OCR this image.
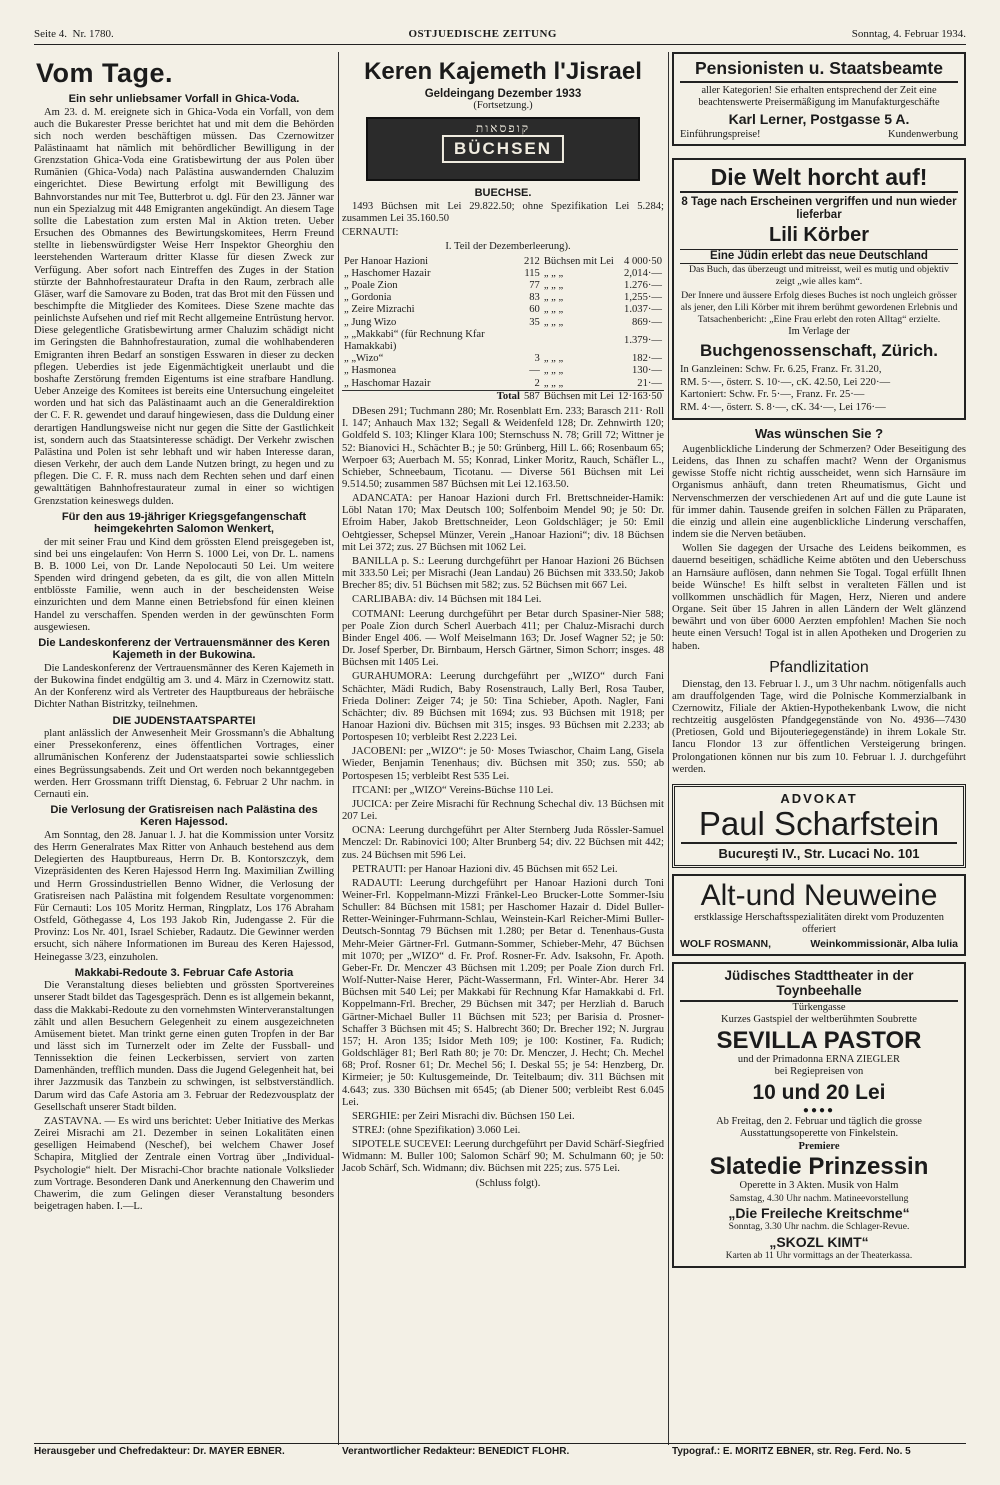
Seite 4. Nr. 1780.	OSTJUEDISCHE ZEITUNG	Sonntag, 4. Februar 1934.
Vom Tage.
Ein sehr unliebsamer Vorfall in Ghica-Voda.

Am 23. d. M. ereignete sich in Ghica-Voda ein Vorfall, von dem auch die Bukarester Presse berichtet hat und mit dem die Behörden sich noch werden beschäftigen müssen. Das Czernowitzer Palästinaamt hat nämlich mit behördlicher Bewilligung in der Grenzstation Ghica-Voda eine Gratisbewirtung der aus Polen über Rumänien (Ghica-Voda) nach Palästina auswandernden Chaluzim eingerichtet. Diese Bewirtung erfolgt mit Bewilligung des Bahnvorstandes nur mit Tee, Butterbrot u. dgl. Für den 23. Jänner war nun ein Spezialzug mit 448 Emigranten angekündigt. An diesem Tage sollte die Labestation zum ersten Mal in Aktion treten. Ueber Ersuchen des Obmannes des Bewirtungskomitees, Herrn Freund stellte in liebenswürdigster Weise Herr Inspektor Gheorghiu den leerstehenden Warteraum dritter Klasse für diesen Zweck zur Verfügung. Aber sofort nach Eintreffen des Zuges in der Station stürzte der Bahnhofrestaurateur Drafta in den Raum, zerbrach alle Gläser, warf die Samovare zu Boden, trat das Brot mit den Füssen und beschimpfte die Mitglieder des Komitees. Diese Szene machte das peinlichste Aufsehen und rief mit Recht allgemeine Entrüstung hervor. Diese gelegentliche Gratisbewirtung armer Chaluzim schädigt nicht im Geringsten die Bahnhofrestauration, zumal die wohlhabenderen Emigranten ihren Bedarf an sonstigen Esswaren in dieser zu decken pflegen. Ueberdies ist jede Eigenmächtigkeit unerlaubt und die boshafte Zerstörung fremden Eigentums ist eine strafbare Handlung. Ueber Anzeige des Komitees ist bereits eine Untersuchung eingeleitet worden und hat sich das Palästinaamt auch an die Generaldirektion der C. F. R. gewendet und darauf hingewiesen, dass die Duldung einer derartigen Handlungsweise nicht nur gegen die Sitte der Gastlichkeit ist, sondern auch das Staatsinteresse schädigt. Der Verkehr zwischen Palästina und Polen ist sehr lebhaft und wir haben Interesse daran, diesen Verkehr, der auch dem Lande Nutzen bringt, zu hegen und zu pflegen. Die C. F. R. muss nach dem Rechten sehen und darf einen gewalttätigen Bahnhofrestaurateur zumal in einer so wichtigen Grenzstation keineswegs dulden.

Für den aus 19-jähriger Kriegsgefangenschaft heimgekehrten Salomon Wenkert,

der mit seiner Frau und Kind dem grössten Elend preisgegeben ist, sind bei uns eingelaufen: Von Herrn S. 1000 Lei, von Dr. L. namens B. B. 1000 Lei, von Dr. Lande Nepolocauti 50 Lei. Um weitere Spenden wird dringend gebeten, da es gilt, die von allen Mitteln entblösste Familie, wenn auch in der bescheidensten Weise einzurichten und dem Manne einen Betriebsfond für einen kleinen Handel zu verschaffen. Spenden werden in der gewünschten Form ausgewiesen.

Die Landeskonferenz der Vertrauensmänner des Keren Kajemeth in der Bukowina.

Die Landeskonferenz der Vertrauensmänner des Keren Kajemeth in der Bukowina findet endgültig am 3. und 4. März in Czernowitz statt. An der Konferenz wird als Vertreter des Hauptbureaus der hebräische Dichter Nathan Bistritzky, teilnehmen.

DIE JUDENSTAATSPARTEI

plant anlässlich der Anwesenheit Meir Grossmann's die Abhaltung einer Pressekonferenz, eines öffentlichen Vortrages, einer allrumänischen Konferenz der Judenstaatspartei sowie schliesslich eines Begrüssungsabends. Zeit und Ort werden noch bekanntgegeben werden. Herr Grossmann trifft Dienstag, 6. Februar 2 Uhr nachm. in Cernauti ein.

Die Verlosung der Gratisreisen nach Palästina des Keren Hajessod.

Am Sonntag, den 28. Januar l. J. hat die Kommission unter Vorsitz des Herrn Generalrates Max Ritter von Anhauch bestehend aus dem Delegierten des Hauptbureaus, Herrn Dr. B. Kontorszczyk, dem Vizepräsidenten des Keren Hajessod Herrn Ing. Maximilian Zwilling und Herrn Grossindustriellen Benno Widner, die Verlosung der Gratisreisen nach Palästina mit folgendem Resultate vorgenommen: Für Cernauti: Los 105 Moritz Herman, Ringplatz, Los 176 Abraham Ostfeld, Göthegasse 4, Los 193 Jakob Rin, Judengasse 2. Für die Provinz: Los Nr. 401, Israel Schieber, Radautz. Die Gewinner werden ersucht, sich nähere Informationen im Bureau des Keren Hajessod, Heinegasse 3/23, einzuholen.

Makkabi-Redoute 3. Februar Cafe Astoria

Die Veranstaltung dieses beliebten und grössten Sportvereines unserer Stadt bildet das Tagesgespräch. Denn es ist allgemein bekannt, dass die Makkabi-Redoute zu den vornehmsten Winterveranstaltungen zählt und allen Besuchern Gelegenheit zu einem ausgezeichneten Amüsement bietet. Man trinkt gerne einen guten Tropfen in der Bar und lässt sich im Turnerzelt oder im Zelte der Fussball- und Tennissektion die feinen Leckerbissen, serviert von zarten Damenhänden, trefflich munden. Dass die Jugend Gelegenheit hat, bei ihrer Jazzmusik das Tanzbein zu schwingen, ist selbstverständlich. Darum wird das Cafe Astoria am 3. Februar der Redezvousplatz der Gesellschaft unserer Stadt bilden.

ZASTAVNA. — Es wird uns berichtet: Ueber Initiative des Merkas Zeirei Misrachi am 21. Dezember in seinen Lokalitäten einen geselligen Heimabend (Neschef), bei welchem Chawer Josef Schapira, Mitglied der Zentrale einen Vortrag über „Individual-Psychologie“ hielt. Der Misrachi-Chor brachte nationale Volkslieder zum Vortrage. Besonderen Dank und Anerkennung den Chawerim und Chawerim, die zum Gelingen dieser Veranstaltung besonders beigetragen haben. I.—L.

Keren Kajemeth l'Jisrael
Geldeingang Dezember 1933
(Fortsetzung.)
קופסאות
BÜCHSEN
BUECHSE.

1493 Büchsen mit Lei 29.822.50; ohne Spezifikation Lei 5.284; zusammen Lei 35.160.50

CERNAUTI:

I. Teil der Dezemberleerung).

Per Hanoar Hazioni	212	Büchsen mit Lei	4 000·50
„ Haschomer Hazair	115	„ „ „	2,014·—
„ Poale Zion	77	„ „ „	1.276·—
„ Gordonia	83	„ „ „	1,255·—
„ Zeire Mizrachi	60	„ „ „	1.037·—
„ Jung Wizo	35	„ „ „	869·—
„ „Makkabi“ (für Rechnung Kfar Hamakkabi)			1.379·—
„ „Wizo“	3	„ „ „	182·—
„ Hasmonea	—	„ „ „	130·—
„ Haschomar Hazair	2	„ „ „	21·—
Total	587	Büchsen mit Lei	12·163·50

DBesen 291; Tuchmann 280; Mr. Rosenblatt Ern. 233; Barasch 211· Roll I. 147; Anhauch Max 132; Segall & Weidenfeld 128; Dr. Zehnwirth 120; Goldfeld S. 103; Klinger Klara 100; Sternschuss N. 78; Grill 72; Wittner je 52: Bianovici H., Schächter B.; je 50: Grünberg, Hill L. 66; Rosenbaum 65; Werpoer 63; Auerbach M. 55; Konrad, Linker Moritz, Rauch, Schäfler L., Schieber, Schneebaum, Ticotanu. — Diverse 561 Büchsen mit Lei 9.514.50; zusammen 587 Büchsen mit Lei 12.163.50.

ADANCATA: per Hanoar Hazioni durch Frl. Brettschneider-Hamik: Löbl Natan 170; Max Deutsch 100; Solfenboim Mendel 90; je 50: Dr. Efroim Haber, Jakob Brettschneider, Leon Goldschläger; je 50: Emil Oehtgiesser, Schepsel Münzer, Verein „Hanoar Hazioni“; div. 18 Büchsen mit Lei 372; zus. 27 Büchsen mit 1062 Lei.

BANILLA p. S.: Leerung durchgeführt per Hanoar Hazioni 26 Büchsen mit 333.50 Lei; per Misrachi (Jean Landau) 26 Büchsen mit 333.50; Jakob Brecher 85; div. 51 Büchsen mit 582; zus. 52 Büchsen mit 667 Lei.

CARLIBABA: div. 14 Büchsen mit 184 Lei.

COTMANI: Leerung durchgeführt per Betar durch Spasiner-Nier 588; per Poale Zion durch Scherl Auerbach 411; per Chaluz-Misrachi durch Binder Engel 406. — Wolf Meiselmann 163; Dr. Josef Wagner 52; je 50: Dr. Josef Sperber, Dr. Birnbaum, Hersch Gärtner, Simon Schorr; insges. 48 Büchsen mit 1405 Lei.

GURAHUMORA: Leerung durchgeführt per „WIZO“ durch Fani Schächter, Mädi Rudich, Baby Rosenstrauch, Lally Berl, Rosa Tauber, Frieda Doliner: Zeiger 74; je 50: Tina Schieber, Apoth. Nagler, Fani Schächter; div. 89 Büchsen mit 1694; zus. 93 Büchsen mit 1918; per Hanoar Hazioni div. Büchsen mit 315; insges. 93 Büchsen mit 2.233; ab Portospesen 10; verbleibt Rest 2.223 Lei.

JACOBENI: per „WIZO“: je 50· Moses Twiaschor, Chaim Lang, Gisela Wieder, Benjamin Tenenhaus; div. Büchsen mit 350; zus. 550; ab Portospesen 15; verbleibt Rest 535 Lei.

ITCANI: per „WIZO“ Vereins-Büchse 110 Lei.

JUCICA: per Zeire Misrachi für Rechnung Schechal div. 13 Büchsen mit 207 Lei.

OCNA: Leerung durchgeführt per Alter Sternberg Juda Rössler-Samuel Menczel: Dr. Rabinovici 100; Alter Brunberg 54; div. 22 Büchsen mit 442; zus. 24 Büchsen mit 596 Lei.

PETRAUTI: per Hanoar Hazioni div. 45 Büchsen mit 652 Lei.

RADAUTI: Leerung durchgeführt per Hanoar Hazioni durch Toni Weiner-Frl. Koppelmann-Mizzi Fränkel-Leo Brucker-Lotte Sommer-Isiu Schuller: 84 Büchsen mit 1581; per Haschomer Hazair d. Didel Buller-Retter-Weininger-Fuhrmann-Schlau, Weinstein-Karl Reicher-Mimi Buller-Deutsch-Sonntag 79 Büchsen mit 1.280; per Betar d. Tenenhaus-Gusta Mehr-Meier Gärtner-Frl. Gutmann-Sommer, Schieber-Mehr, 47 Büchsen mit 1070; per „WIZO“ d. Fr. Prof. Rosner-Fr. Adv. Isaksohn, Fr. Apoth. Geber-Fr. Dr. Menczer 43 Büchsen mit 1.209; per Poale Zion durch Frl. Wolf-Nutter-Naise Herer, Pächt-Wassermann, Frl. Winter-Abr. Herer 34 Büchsen mit 540 Lei; per Makkabi für Rechnung Kfar Hamakkabi d. Frl. Koppelmann-Frl. Brecher, 29 Büchsen mit 347; per Herzliah d. Baruch Gärtner-Michael Buller 11 Büchsen mit 523; per Barisia d. Prosner-Schaffer 3 Büchsen mit 45; S. Halbrecht 360; Dr. Brecher 192; N. Jurgrau 157; H. Aron 135; Isidor Meth 109; je 100: Kostiner, Fa. Rudich; Goldschläger 81; Berl Rath 80; je 70: Dr. Menczer, J. Hecht; Ch. Mechel 68; Prof. Rosner 61; Dr. Mechel 56; I. Deskal 55; je 54: Henzberg, Dr. Kirmeier; je 50: Kultusgemeinde, Dr. Teitelbaum; div. 311 Büchsen mit 4.643; zus. 330 Büchsen mit 6545; (ab Diener 500; verbleibt Rest 6.045 Lei.

SERGHIE: per Zeiri Misrachi div. Büchsen 150 Lei.

STREJ: (ohne Spezifikation) 3.060 Lei.

SIPOTELE SUCEVEI: Leerung durchgeführt per David Schärf-Siegfried Widmann: M. Buller 100; Salomon Schärf 90; M. Schulmann 60; je 50: Jacob Schärf, Sch. Widmann; div. Büchsen mit 225; zus. 575 Lei.

(Schluss folgt).

Pensionisten u. Staatsbeamte
aller Kategorien! Sie erhalten entsprechend der Zeit eine beachtenswerte Preisermäßigung im Manufakturgeschäfte
Karl Lerner, Postgasse 5 A.
Einführungspreise!	Kundenwerbung
Die Welt horcht auf!
8 Tage nach Erscheinen vergriffen und nun wieder lieferbar
Lili Körber
Eine Jüdin erlebt das neue Deutschland
Das Buch, das überzeugt und mitreisst, weil es mutig und objektiv zeigt „wie alles kam“.
Der Innere und äussere Erfolg dieses Buches ist noch ungleich grösser als jener, den Lili Körber mit ihrem berühmt gewordenen Erlebnis und Tatsachenbericht: „Eine Frau erlebt den roten Alltag“ erzielte.
Im Verlage der
Buchgenossenschaft, Zürich.
In Ganzleinen: Schw. Fr. 6.25, Franz. Fr. 31.20,
RM. 5·—, österr. S. 10·—, cK. 42.50, Lei 220·—
Kartoniert: Schw. Fr. 5·—, Franz. Fr. 25·—
RM. 4·—, österr. S. 8·—, cK. 34·—, Lei 176·—
Was wünschen Sie ?

Augenblickliche Linderung der Schmerzen? Oder Beseitigung des Leidens, das Ihnen zu schaffen macht? Wenn der Organismus gewisse Stoffe nicht richtig ausscheidet, wenn sich Harnsäure im Organismus anhäuft, dann treten Rheumatismus, Gicht und Nervenschmerzen der verschiedenen Art auf und die gute Laune ist für immer dahin. Tausende greifen in solchen Fällen zu Präparaten, die einzig und allein eine augenblickliche Linderung verschaffen, indem sie die Nerven betäuben.

Wollen Sie dagegen der Ursache des Leidens beikommen, es dauernd beseitigen, schädliche Keime abtöten und den Ueberschuss an Harnsäure auflösen, dann nehmen Sie Togal. Togal erfüllt Ihnen beide Wünsche! Es hilft selbst in veralteten Fällen und ist vollkommen unschädlich für Magen, Herz, Nieren und andere Organe. Seit über 15 Jahren in allen Ländern der Welt glänzend bewährt und von über 6000 Aerzten empfohlen! Machen Sie noch heute einen Versuch! Togal ist in allen Apotheken und Drogerien zu haben.

Pfandlizitation

Dienstag, den 13. Februar l. J., um 3 Uhr nachm. nötigenfalls auch am drauffolgenden Tage, wird die Polnische Kommerzialbank in Czernowitz, Filiale der Aktien-Hypothekenbank Lwow, die nicht rechtzeitig ausgelösten Pfandgegenstände von No. 4936—7430 (Pretiosen, Gold und Bijouteriegegenstände) in ihrem Lokale Str. Iancu Flondor 13 zur öffentlichen Versteigerung bringen. Prolongationen können nur bis zum 10. Februar l. J. durchgeführt werden.

ADVOKAT
Paul Scharfstein
Bucureşti IV., Str. Lucaci No. 101
Alt-und Neuweine
erstklassige Herschaftsspezialitäten direkt vom Produzenten offeriert
WOLF ROSMANN,	Weinkommissionär, Alba Iulia
Jüdisches Stadttheater in der Toynbeehalle
Türkengasse
Kurzes Gastspiel der weltberühmten Soubrette
SEVILLA PASTOR
und der Primadonna ERNA ZIEGLER
bei Regiepreisen von
10 und 20 Lei
●●●●
Ab Freitag, den 2. Februar und täglich die grosse Ausstattungsoperette von Finkelstein.
Premiere
Slatedie Prinzessin
Operette in 3 Akten. Musik von Halm
Samstag, 4.30 Uhr nachm. Matineevorstellung
„Die Freileche Kreitschme“
Sonntag, 3.30 Uhr nachm. die Schlager-Revue.
„SKOZL KIMT“
Karten ab 11 Uhr vormittags an der Theaterkassa.
Herausgeber und Chefredakteur: Dr. MAYER EBNER.	Verantwortlicher Redakteur: BENEDICT FLOHR.	Typograf.: E. MORITZ EBNER, str. Reg. Ferd. No. 5
